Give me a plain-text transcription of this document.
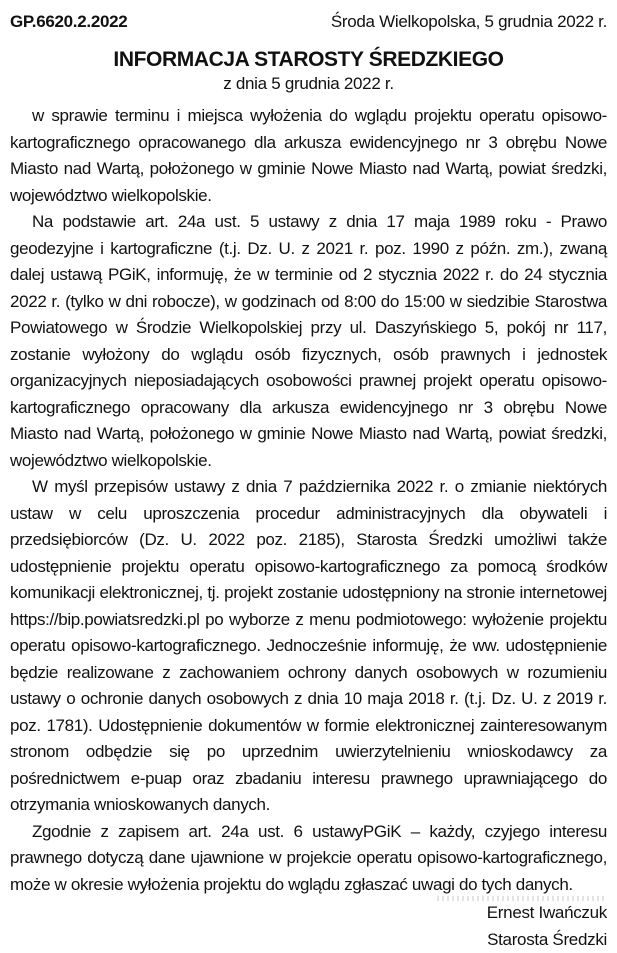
GP.6620.2.2022	Środa Wielkopolska, 5 grudnia 2022 r.
INFORMACJA STAROSTY ŚREDZKIEGO
z dnia 5 grudnia 2022 r.

w sprawie terminu i miejsca wyłożenia do wglądu projektu operatu opisowo-kartograficznego opracowanego dla arkusza ewidencyjnego nr 3 obrębu Nowe Miasto nad Wartą, położonego w gminie Nowe Miasto nad Wartą, powiat średzki, województwo wielkopolskie.

Na podstawie art. 24a ust. 5 ustawy z dnia 17 maja 1989 roku - Prawo geodezyjne i kartograficzne (t.j. Dz. U. z 2021 r. poz. 1990 z późn. zm.), zwaną dalej ustawą PGiK, informuję, że w terminie od 2 stycznia 2022 r. do 24 stycznia 2022 r. (tylko w dni robocze), w godzinach od 8:00 do 15:00 w siedzibie Starostwa Powiatowego w Środzie Wielkopolskiej przy ul. Daszyńskiego 5, pokój nr 117, zostanie wyłożony do wglądu osób fizycznych, osób prawnych i jednostek organizacyjnych nieposiadających osobowości prawnej projekt operatu opisowo-kartograficznego opracowany dla arkusza ewidencyjnego nr 3 obrębu Nowe Miasto nad Wartą, położonego w gminie Nowe Miasto nad Wartą, powiat średzki, województwo wielkopolskie.

W myśl przepisów ustawy z dnia 7 października 2022 r. o zmianie niektórych ustaw w celu uproszczenia procedur administracyjnych dla obywateli i przedsiębiorców (Dz. U. 2022 poz. 2185), Starosta Średzki umożliwi także udostępnienie projektu operatu opisowo-kartograficznego za pomocą środków komunikacji elektronicznej, tj. projekt zostanie udostępniony na stronie internetowej https://bip.powiatsredzki.pl po wyborze z menu podmiotowego: wyłożenie projektu operatu opisowo-kartograficznego. Jednocześnie informuję, że ww. udostępnienie będzie realizowane z zachowaniem ochrony danych osobowych w rozumieniu ustawy o ochronie danych osobowych z dnia 10 maja 2018 r. (t.j. Dz. U. z 2019 r. poz. 1781). Udostępnienie dokumentów w formie elektronicznej zainteresowanym stronom odbędzie się po uprzednim uwierzytelnieniu wnioskodawcy za pośrednictwem e-puap oraz zbadaniu interesu prawnego uprawniającego do otrzymania wnioskowanych danych.

Zgodnie z zapisem art. 24a ust. 6 ustawyPGiK – każdy, czyjego interesu prawnego dotyczą dane ujawnione w projekcie operatu opisowo-kartograficznego, może w okresie wyłożenia projektu do wglądu zgłaszać uwagi do tych danych.

Ernest Iwańczuk
Starosta Średzki
